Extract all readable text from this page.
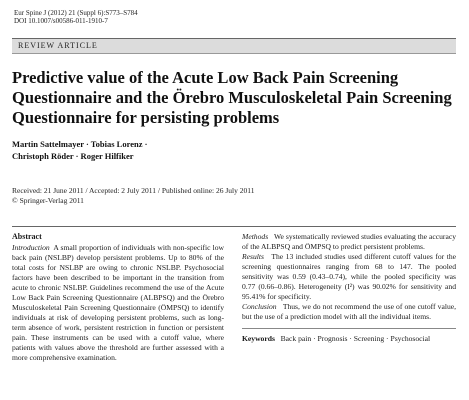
Eur Spine J (2012) 21 (Suppl 6):S773–S784
DOI 10.1007/s00586-011-1910-7
REVIEW ARTICLE
Predictive value of the Acute Low Back Pain Screening Questionnaire and the Örebro Musculoskeletal Pain Screening Questionnaire for persisting problems
Martin Sattelmayer · Tobias Lorenz ·
Christoph Röder · Roger Hilfiker
Received: 21 June 2011 / Accepted: 2 July 2011 / Published online: 26 July 2011
© Springer-Verlag 2011
Abstract
Introduction A small proportion of individuals with non-specific low back pain (NSLBP) develop persistent problems. Up to 80% of the total costs for NSLBP are owing to chronic NSLBP. Psychosocial factors have been described to be important in the transition from acute to chronic NSLBP. Guidelines recommend the use of the Acute Low Back Pain Screening Questionnaire (ALBPSQ) and the Örebro Musculoskeletal Pain Screening Questionnaire (ÖMPSQ) to identify individuals at risk of developing persistent problems, such as long-term absence of work, persistent restriction in function or persistent pain. These instruments can be used with a cutoff value, where patients with values above the threshold are further assessed with a more comprehensive examination.
Methods We systematically reviewed studies evaluating the accuracy of the ALBPSQ and ÖMPSQ to predict persistent problems.
Results The 13 included studies used different cutoff values for the screening questionnaires ranging from 68 to 147. The pooled sensitivity was 0.59 (0.43–0.74), while the pooled specificity was 0.77 (0.66–0.86). Heterogeneity (I²) was 90.02% for sensitivity and 95.41% for specificity.
Conclusion Thus, we do not recommend the use of one cutoff value, but the use of a prediction model with all the individual items.
Keywords Back pain · Prognosis · Screening · Psychosocial
